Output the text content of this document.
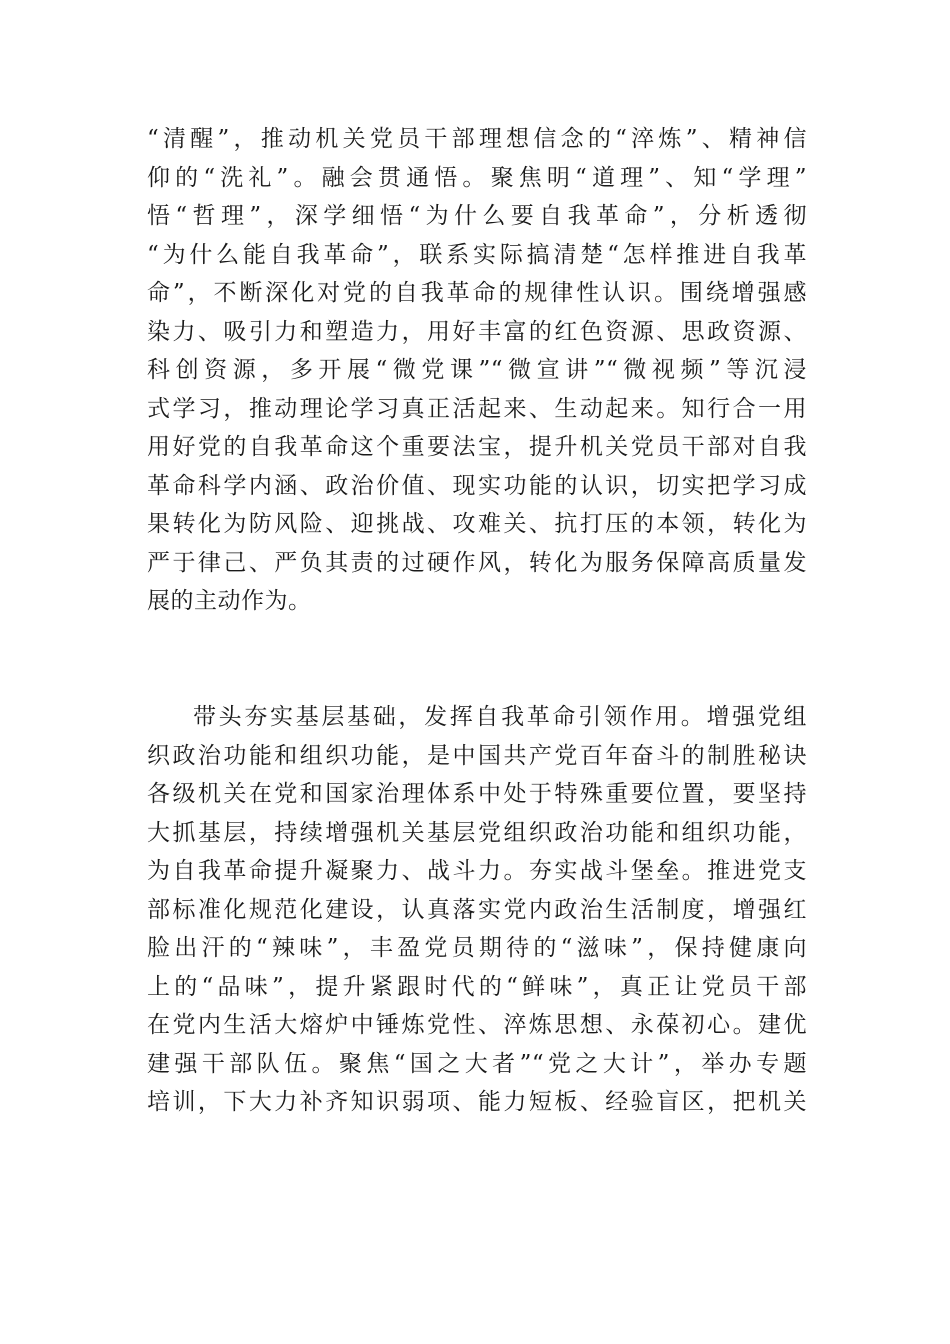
“清醒”，推动机关党员干部理想信念的“淬炼”、精神信
仰的“洗礼”。融会贯通悟。聚焦明“道理”、知“学理”
悟“哲理”，深学细悟“为什么要自我革命”，分析透彻
“为什么能自我革命”，联系实际搞清楚“怎样推进自我革
命”，不断深化对党的自我革命的规律性认识。围绕增强感
染力、吸引力和塑造力，用好丰富的红色资源、思政资源、
科创资源，多开展“微党课”“微宣讲”“微视频”等沉浸
式学习，推动理论学习真正活起来、生动起来。知行合一用
用好党的自我革命这个重要法宝，提升机关党员干部对自我
革命科学内涵、政治价值、现实功能的认识，切实把学习成
果转化为防风险、迎挑战、攻难关、抗打压的本领，转化为
严于律己、严负其责的过硬作风，转化为服务保障高质量发
展的主动作为。
带头夯实基层基础，发挥自我革命引领作用。增强党组
织政治功能和组织功能，是中国共产党百年奋斗的制胜秘诀
各级机关在党和国家治理体系中处于特殊重要位置，要坚持
大抓基层，持续增强机关基层党组织政治功能和组织功能，
为自我革命提升凝聚力、战斗力。夯实战斗堡垒。推进党支
部标准化规范化建设，认真落实党内政治生活制度，增强红
脸出汗的“辣味”，丰盈党员期待的“滋味”，保持健康向
上的“品味”，提升紧跟时代的“鲜味”，真正让党员干部
在党内生活大熔炉中锤炼党性、淬炼思想、永葆初心。建优
建强干部队伍。聚焦“国之大者”“党之大计”，举办专题
培训，下大力补齐知识弱项、能力短板、经验盲区，把机关
